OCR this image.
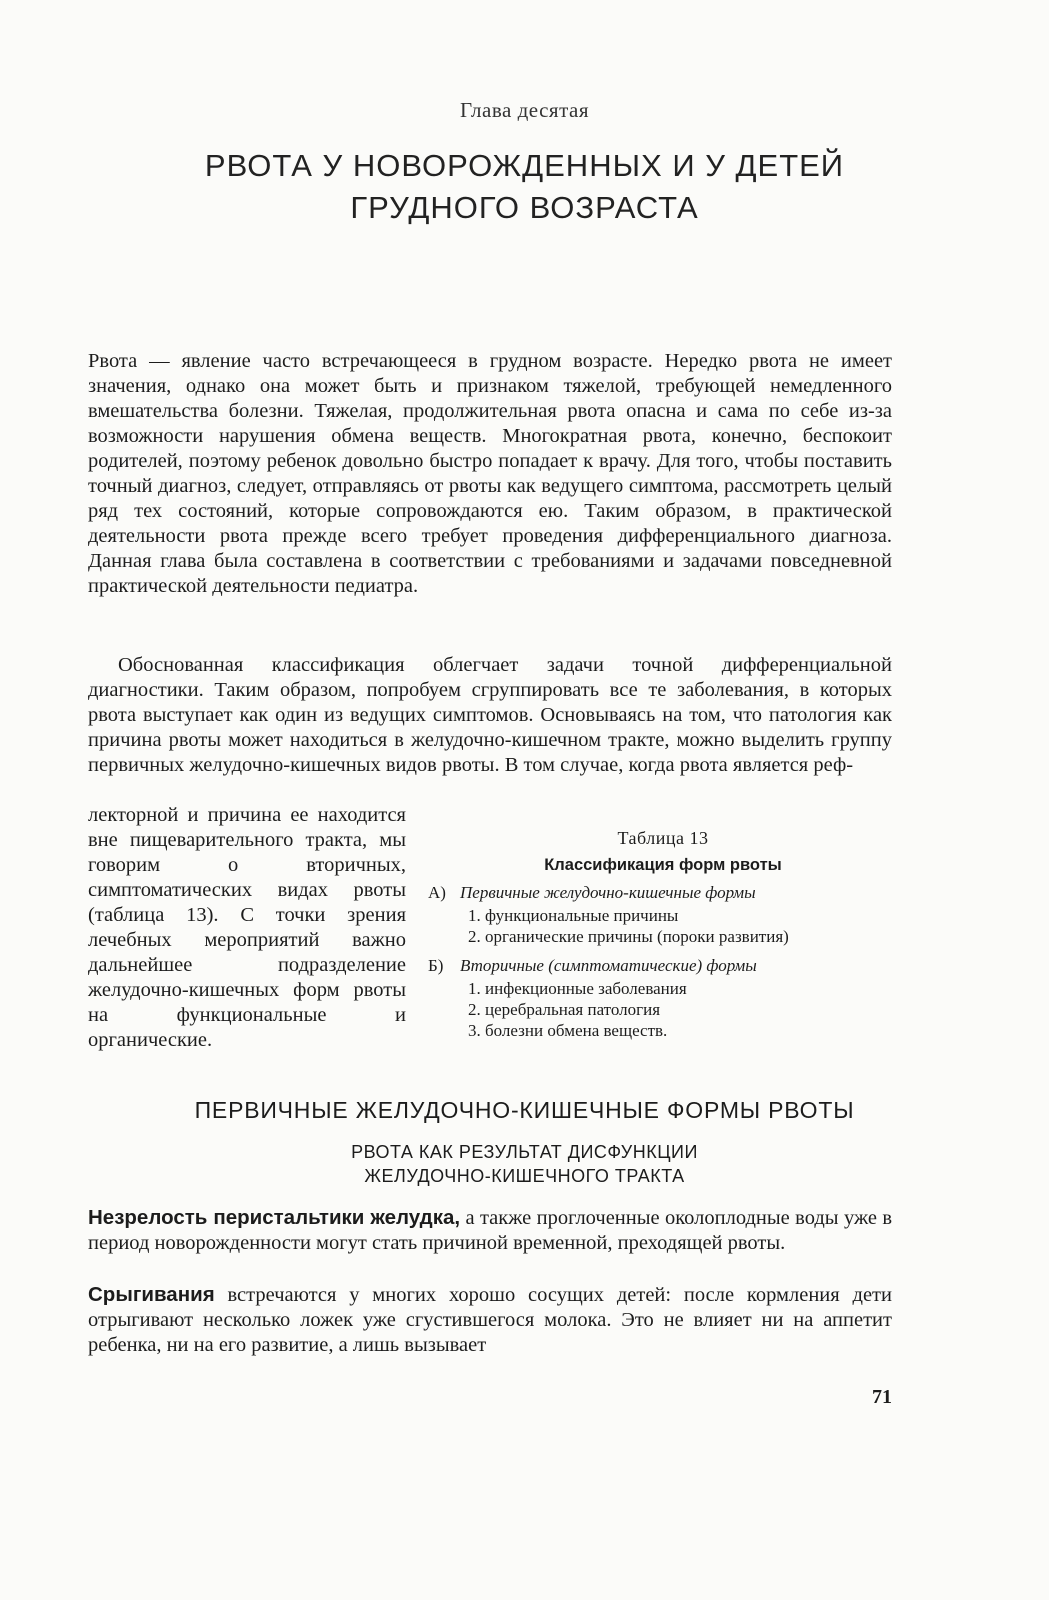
Глава десятая
РВОТА У НОВОРОЖДЕННЫХ И У ДЕТЕЙ
ГРУДНОГО ВОЗРАСТА

Рвота — явление часто встречающееся в грудном возрасте. Нередко рвота не имеет значения, однако она может быть и признаком тяжелой, требующей немедленного вмешательства болезни. Тяжелая, продолжительная рвота опасна и сама по себе из-за возможности нарушения обмена веществ. Многократная рвота, конечно, беспокоит родителей, поэтому ребенок довольно быстро попадает к врачу. Для того, чтобы поставить точный диагноз, следует, отправляясь от рвоты как ведущего симптома, рассмотреть целый ряд тех состояний, которые сопровождаются ею. Таким образом, в практической деятельности рвота прежде всего требует проведения дифференциального диагноза. Данная глава была составлена в соответствии с требованиями и задачами повседневной практической деятельности педиатра.

Обоснованная классификация облегчает задачи точной дифференциальной диагностики. Таким образом, попробуем сгруппировать все те заболевания, в которых рвота выступает как один из ведущих симптомов. Основываясь на том, что патология как причина рвоты может находиться в желудочно-кишечном тракте, можно выделить группу первичных желудочно-кишечных видов рвоты. В том случае, когда рвота является реф-

лекторной и причина ее находится вне пищеварительного тракта, мы говорим о вторичных, симптоматических видах рвоты (таблица 13). С точки зрения лечебных мероприятий важно дальнейшее подразделение желудочно-кишечных форм рвоты на функциональные и органические.

Таблица 13
Классификация форм рвоты
А) Первичные желудочно-кишечные формы
1. функциональные причины
2. органические причины (пороки развития)
Б) Вторичные (симптоматические) формы
1. инфекционные заболевания
2. церебральная патология
3. болезни обмена веществ.
ПЕРВИЧНЫЕ ЖЕЛУДОЧНО-КИШЕЧНЫЕ ФОРМЫ РВОТЫ
РВОТА КАК РЕЗУЛЬТАТ ДИСФУНКЦИИ
ЖЕЛУДОЧНО-КИШЕЧНОГО ТРАКТА

Незрелость перистальтики желудка, а также проглоченные околоплодные воды уже в период новорожденности могут стать причиной временной, преходящей рвоты.

Срыгивания встречаются у многих хорошо сосущих детей: после кормления дети отрыгивают несколько ложек уже сгустившегося молока. Это не влияет ни на аппетит ребенка, ни на его развитие, а лишь вызывает

71
